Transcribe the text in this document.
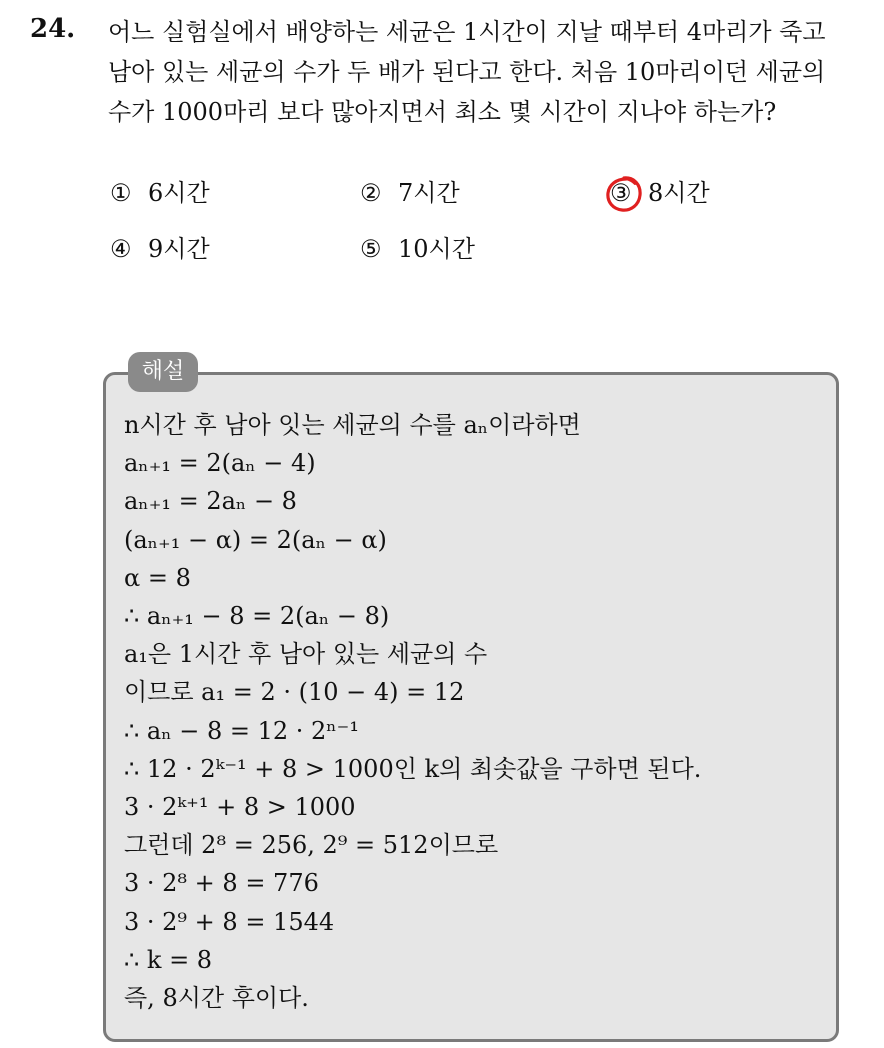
24. 어느 실험실에서 배양하는 세균은 1시간이 지날 때부터 4마리가 죽고
남아 있는 세균의 수가 두 배가 된다고 한다. 처음 10마리이던 세균의
수가 1000마리 보다 많아지면서 최소 몇 시간이 지나야 하는가?
① 6시간	② 7시간	③ 8시간
④ 9시간	⑤ 10시간
해설
n시간 후 남아 잇는 세균의 수를 aₙ이라하면
aₙ₊₁ = 2(aₙ − 4)
aₙ₊₁ = 2aₙ − 8
(aₙ₊₁ − α) = 2(aₙ − α)
α = 8
∴ aₙ₊₁ − 8 = 2(aₙ − 8)
a₁은 1시간 후 남아 있는 세균의 수
이므로 a₁ = 2 · (10 − 4) = 12
∴ aₙ − 8 = 12 · 2ⁿ⁻¹
∴ 12 · 2ᵏ⁻¹ + 8 > 1000인 k의 최솟값을 구하면 된다.
3 · 2ᵏ⁺¹ + 8 > 1000
그런데 2⁸ = 256, 2⁹ = 512이므로
3 · 2⁸ + 8 = 776
3 · 2⁹ + 8 = 1544
∴ k = 8
즉, 8시간 후이다.
